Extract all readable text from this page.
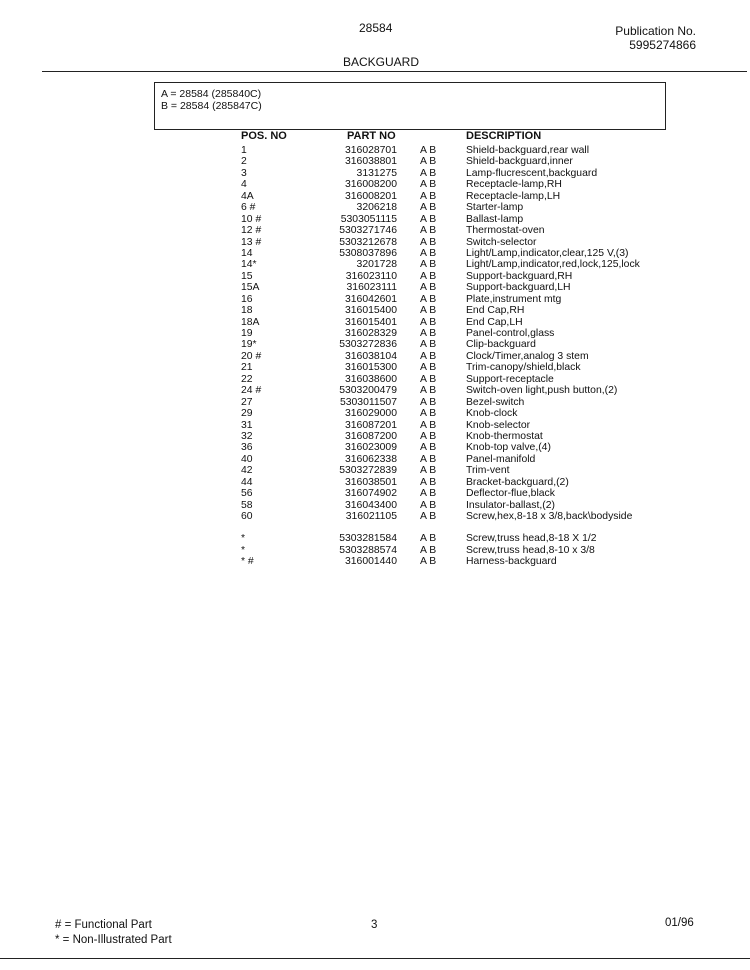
28584	Publication No.
5995274866
BACKGUARD
A = 28584 (285840C)
B = 28584 (285847C)
POS. NO	PART NO	DESCRIPTION
1	316028701 A B	Shield-backguard,rear wall
2	316038801 A B	Shield-backguard,inner
3	3131275 A B	Lamp-flucrescent,backguard
4	316008200 A B	Receptacle-lamp,RH
4A	316008201 A B	Receptacle-lamp,LH
6 #	3206218 A B	Starter-lamp
10 #	5303051115 A B	Ballast-lamp
12 #	5303271746 A B	Thermostat-oven
13 #	5303212678 A B	Switch-selector
14	5308037896 A B	Light/Lamp,indicator,clear,125 V,(3)
14*	3201728 A B	Light/Lamp,indicator,red,lock,125,lock
15	316023110 A B	Support-backguard,RH
15A	316023111 A B	Support-backguard,LH
16	316042601 A B	Plate,instrument mtg
18	316015400 A B	End Cap,RH
18A	316015401 A B	End Cap,LH
19	316028329 A B	Panel-control,glass
19*	5303272836 A B	Clip-backguard
20 #	316038104 A B	Clock/Timer,analog 3 stem
21	316015300 A B	Trim-canopy/shield,black
22	316038600 A B	Support-receptacle
24 #	5303200479 A B	Switch-oven light,push button,(2)
27	5303011507 A B	Bezel-switch
29	316029000 A B	Knob-clock
31	316087201 A B	Knob-selector
32	316087200 A B	Knob-thermostat
36	316023009 A B	Knob-top valve,(4)
40	316062338 A B	Panel-manifold
42	5303272839 A B	Trim-vent
44	316038501 A B	Bracket-backguard,(2)
56	316074902 A B	Deflector-flue,black
58	316043400 A B	Insulator-ballast,(2)
60	316021105 A B	Screw,hex,8-18 x 3/8,back\bodyside
*	5303281584 A B	Screw,truss head,8-18 X 1/2
*	5303288574 A B	Screw,truss head,8-10 x 3/8
* #	316001440 A B	Harness-backguard
# = Functional Part
* = Non-Illustrated Part
3	01/96
